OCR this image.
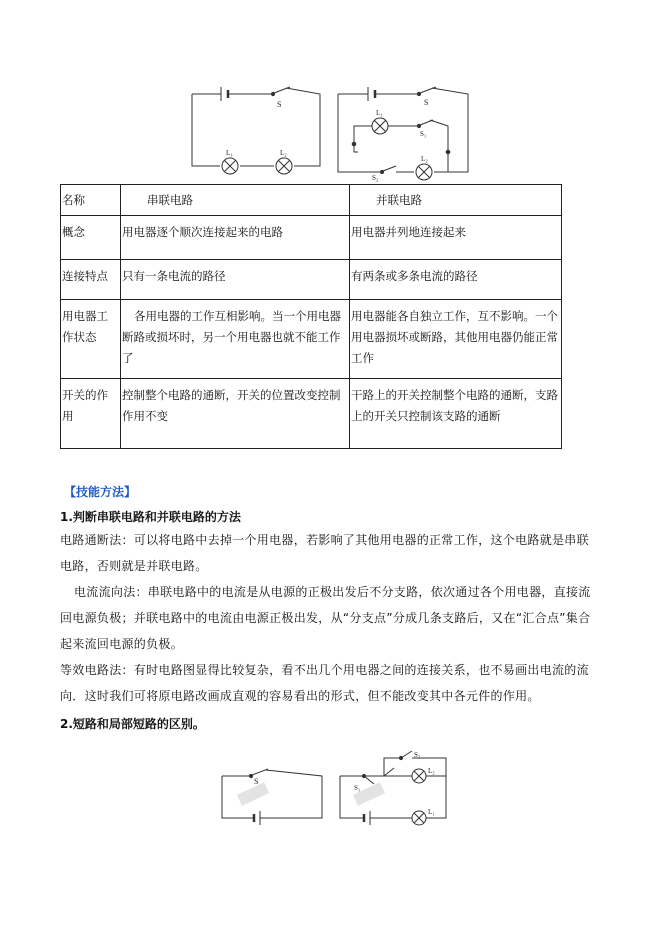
S
L₁	L₂
S
L₁
S₁
L₂
S₂
名称	串联电路	并联电路
概念	用电器逐个顺次连接起来的电路	用电器并列地连接起来
连接特点	只有一条电流的路径	有两条或多条电流的路径
用电器工作状态	各用电器的工作互相影响。当一个用电器断路或损坏时，另一个用电器也就不能工作了	用电器能各自独立工作，互不影响。一个用电器损坏或断路，其他用电器仍能正常工作
开关的作用	控制整个电路的通断，开关的位置改变控制作用不变	干路上的开关控制整个电路的通断，支路上的开关只控制该支路的通断
【技能方法】
1.判断串联电路和并联电路的方法
电路通断法：可以将电路中去掉一个用电器，若影响了其他用电器的正常工作，这个电路就是串联电路，否则就是并联电路。
电流流向法：串联电路中的电流是从电源的正极出发后不分支路，依次通过各个用电器，直接流回电源负极；并联电路中的电流由电源正极出发，从“分支点”分成几条支路后，又在“汇合点”集合起来流回电源的负极。
等效电路法：有时电路图显得比较复杂，看不出几个用电器之间的连接关系，也不易画出电流的流向．这时我们可将原电路改画成直观的容易看出的形式，但不能改变其中各元件的作用。
2.短路和局部短路的区别。
S
S₁
S₂
L₂
L₁
